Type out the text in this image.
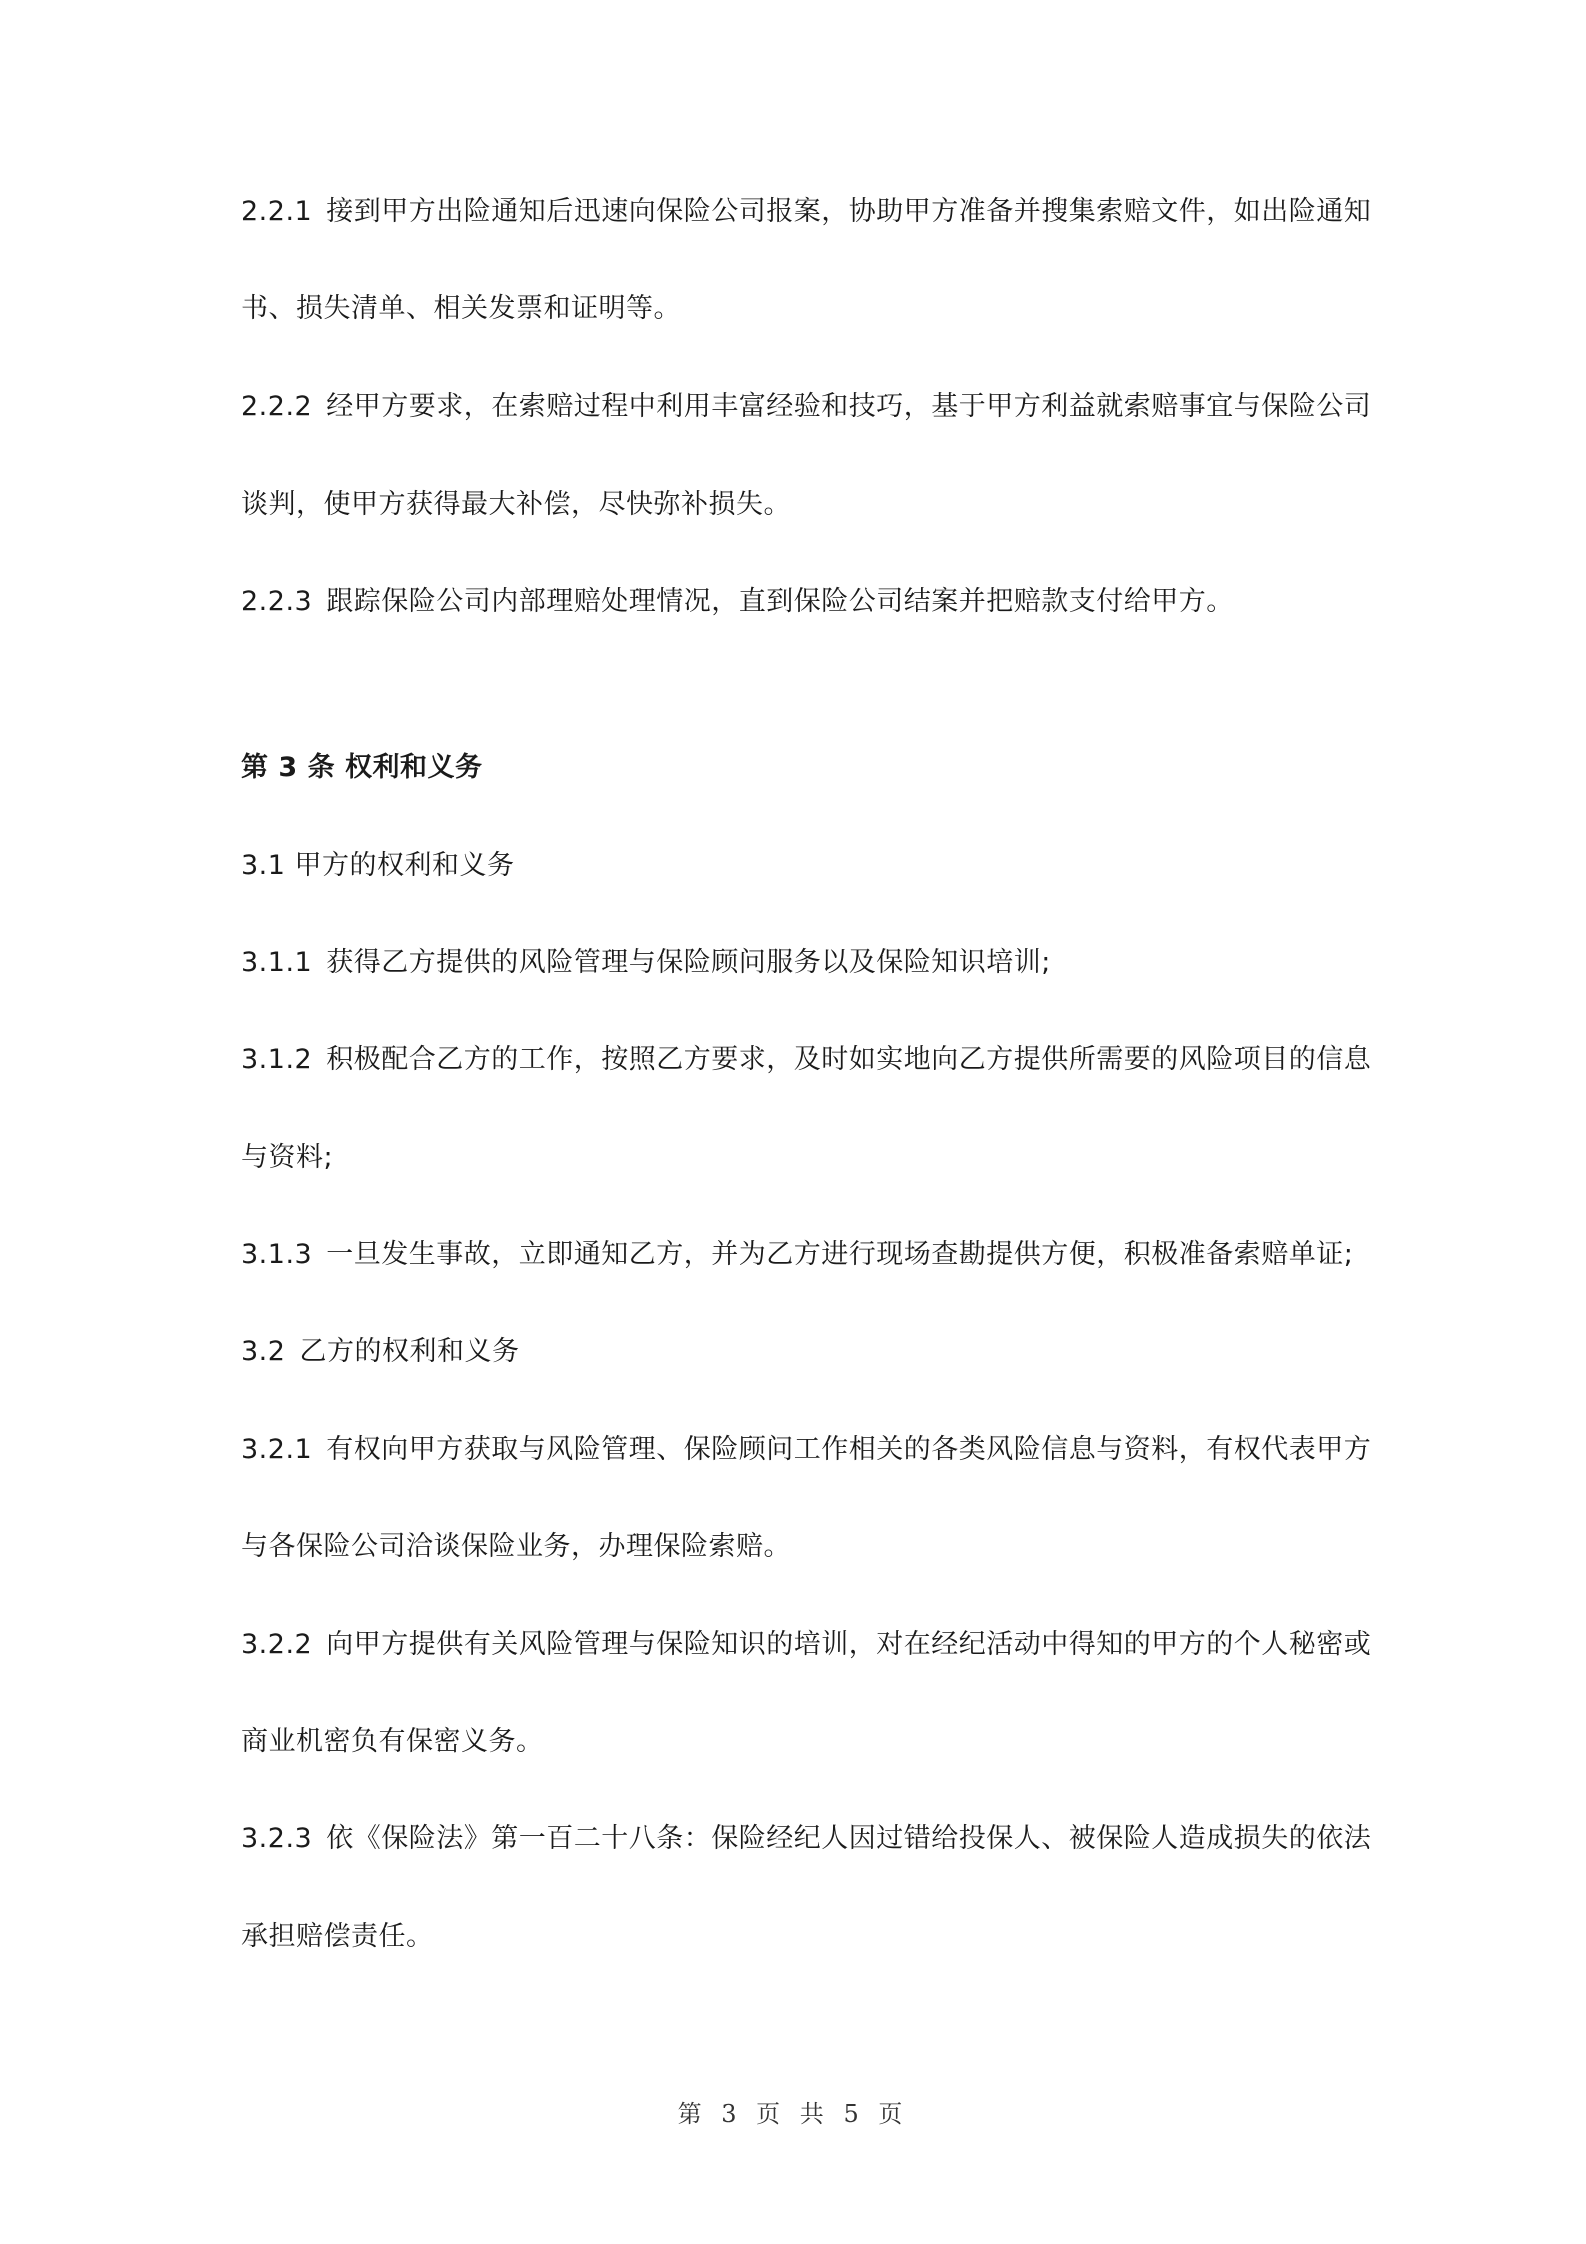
2.2.1 接到甲方出险通知后迅速向保险公司报案，协助甲方准备并搜集索赔文件，如出险通知
书、损失清单、相关发票和证明等。
2.2.2 经甲方要求，在索赔过程中利用丰富经验和技巧，基于甲方利益就索赔事宜与保险公司
谈判，使甲方获得最大补偿，尽快弥补损失。
2.2.3 跟踪保险公司内部理赔处理情况，直到保险公司结案并把赔款支付给甲方。
第 3 条 权利和义务
3.1 甲方的权利和义务
3.1.1 获得乙方提供的风险管理与保险顾问服务以及保险知识培训;
3.1.2 积极配合乙方的工作，按照乙方要求，及时如实地向乙方提供所需要的风险项目的信息
与资料;
3.1.3 一旦发生事故，立即通知乙方，并为乙方进行现场查勘提供方便，积极准备索赔单证;
3.2 乙方的权利和义务
3.2.1 有权向甲方获取与风险管理、保险顾问工作相关的各类风险信息与资料，有权代表甲方
与各保险公司洽谈保险业务，办理保险索赔。
3.2.2 向甲方提供有关风险管理与保险知识的培训，对在经纪活动中得知的甲方的个人秘密或
商业机密负有保密义务。
3.2.3 依《保险法》第一百二十八条：保险经纪人因过错给投保人、被保险人造成损失的依法
承担赔偿责任。
第 3 页 共 5 页
